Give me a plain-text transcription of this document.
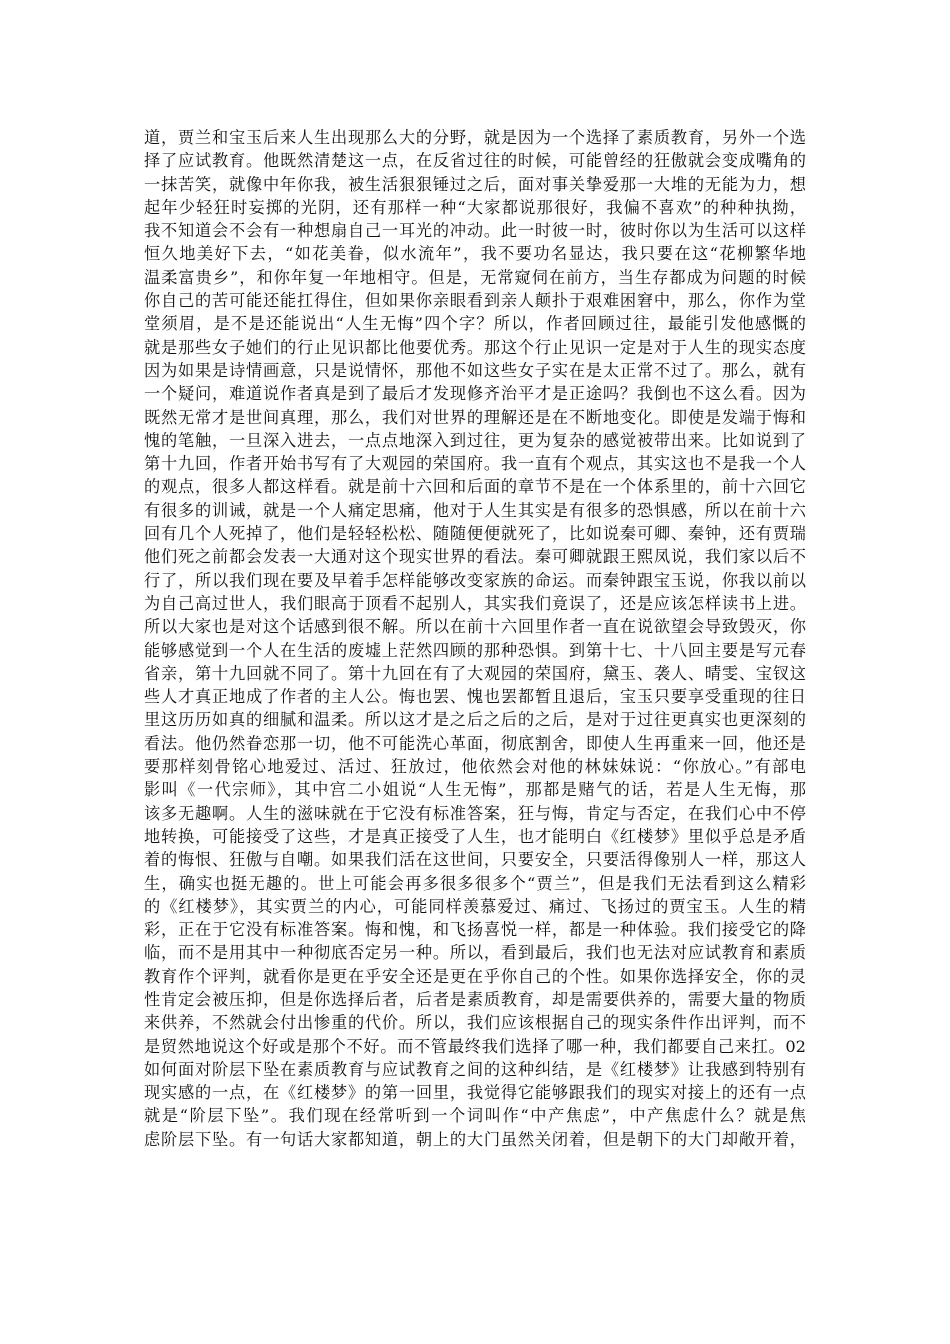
道，贾兰和宝玉后来人生出现那么大的分野，就是因为一个选择了素质教育，另外一个选
择了应试教育。他既然清楚这一点，在反省过往的时候，可能曾经的狂傲就会变成嘴角的
一抹苦笑，就像中年你我，被生活狠狠锤过之后，面对事关挚爱那一大堆的无能为力，想
起年少轻狂时妄掷的光阴，还有那样一种“大家都说那很好，我偏不喜欢”的种种执拗，
我不知道会不会有一种想扇自己一耳光的冲动。此一时彼一时，彼时你以为生活可以这样
恒久地美好下去，“如花美眷，似水流年”，我不要功名显达，我只要在这“花柳繁华地
温柔富贵乡”，和你年复一年地相守。但是，无常窥伺在前方，当生存都成为问题的时候
你自己的苦可能还能扛得住，但如果你亲眼看到亲人颠扑于艰难困窘中，那么，你作为堂
堂须眉，是不是还能说出“人生无悔”四个字？所以，作者回顾过往，最能引发他感慨的
就是那些女子她们的行止见识都比他要优秀。那这个行止见识一定是对于人生的现实态度
因为如果是诗情画意，只是说情怀，那他不如这些女子实在是太正常不过了。那么，就有
一个疑问，难道说作者真是到了最后才发现修齐治平才是正途吗？我倒也不这么看。因为
既然无常才是世间真理，那么，我们对世界的理解还是在不断地变化。即使是发端于悔和
愧的笔触，一旦深入进去，一点点地深入到过往，更为复杂的感觉被带出来。比如说到了
第十九回，作者开始书写有了大观园的荣国府。我一直有个观点，其实这也不是我一个人
的观点，很多人都这样看。就是前十六回和后面的章节不是在一个体系里的，前十六回它
有很多的训诫，就是一个人痛定思痛，他对于人生其实是有很多的恐惧感，所以在前十六
回有几个人死掉了，他们是轻轻松松、随随便便就死了，比如说秦可卿、秦钟，还有贾瑞
他们死之前都会发表一大通对这个现实世界的看法。秦可卿就跟王熙凤说，我们家以后不
行了，所以我们现在要及早着手怎样能够改变家族的命运。而秦钟跟宝玉说，你我以前以
为自己高过世人，我们眼高于顶看不起别人，其实我们竟误了，还是应该怎样读书上进。
所以大家也是对这个话感到很不解。所以在前十六回里作者一直在说欲望会导致毁灭，你
能够感觉到一个人在生活的废墟上茫然四顾的那种恐惧。到第十七、十八回主要是写元春
省亲，第十九回就不同了。第十九回在有了大观园的荣国府，黛玉、袭人、晴雯、宝钗这
些人才真正地成了作者的主人公。悔也罢、愧也罢都暂且退后，宝玉只要享受重现的往日
里这历历如真的细腻和温柔。所以这才是之后之后的之后，是对于过往更真实也更深刻的
看法。他仍然眷恋那一切，他不可能洗心革面，彻底割舍，即使人生再重来一回，他还是
要那样刻骨铭心地爱过、活过、狂放过，他依然会对他的林妹妹说：“你放心。”有部电
影叫《一代宗师》，其中宫二小姐说“人生无悔”，那都是赌气的话，若是人生无悔，那
该多无趣啊。人生的滋味就在于它没有标准答案，狂与悔，肯定与否定，在我们心中不停
地转换，可能接受了这些，才是真正接受了人生，也才能明白《红楼梦》里似乎总是矛盾
着的悔恨、狂傲与自嘲。如果我们活在这世间，只要安全，只要活得像别人一样，那这人
生，确实也挺无趣的。世上可能会再多很多很多个“贾兰”，但是我们无法看到这么精彩
的《红楼梦》，其实贾兰的内心，可能同样羡慕爱过、痛过、飞扬过的贾宝玉。人生的精
彩，正在于它没有标准答案。悔和愧，和飞扬喜悦一样，都是一种体验。我们接受它的降
临，而不是用其中一种彻底否定另一种。所以，看到最后，我们也无法对应试教育和素质
教育作个评判，就看你是更在乎安全还是更在乎你自己的个性。如果你选择安全，你的灵
性肯定会被压抑，但是你选择后者，后者是素质教育，却是需要供养的，需要大量的物质
来供养，不然就会付出惨重的代价。所以，我们应该根据自己的现实条件作出评判，而不
是贸然地说这个好或是那个不好。而不管最终我们选择了哪一种，我们都要自己来扛。02
如何面对阶层下坠在素质教育与应试教育之间的这种纠结，是《红楼梦》让我感到特别有
现实感的一点，在《红楼梦》的第一回里，我觉得它能够跟我们的现实对接上的还有一点
就是“阶层下坠”。我们现在经常听到一个词叫作“中产焦虑”，中产焦虑什么？就是焦
虑阶层下坠。有一句话大家都知道，朝上的大门虽然关闭着，但是朝下的大门却敞开着，
